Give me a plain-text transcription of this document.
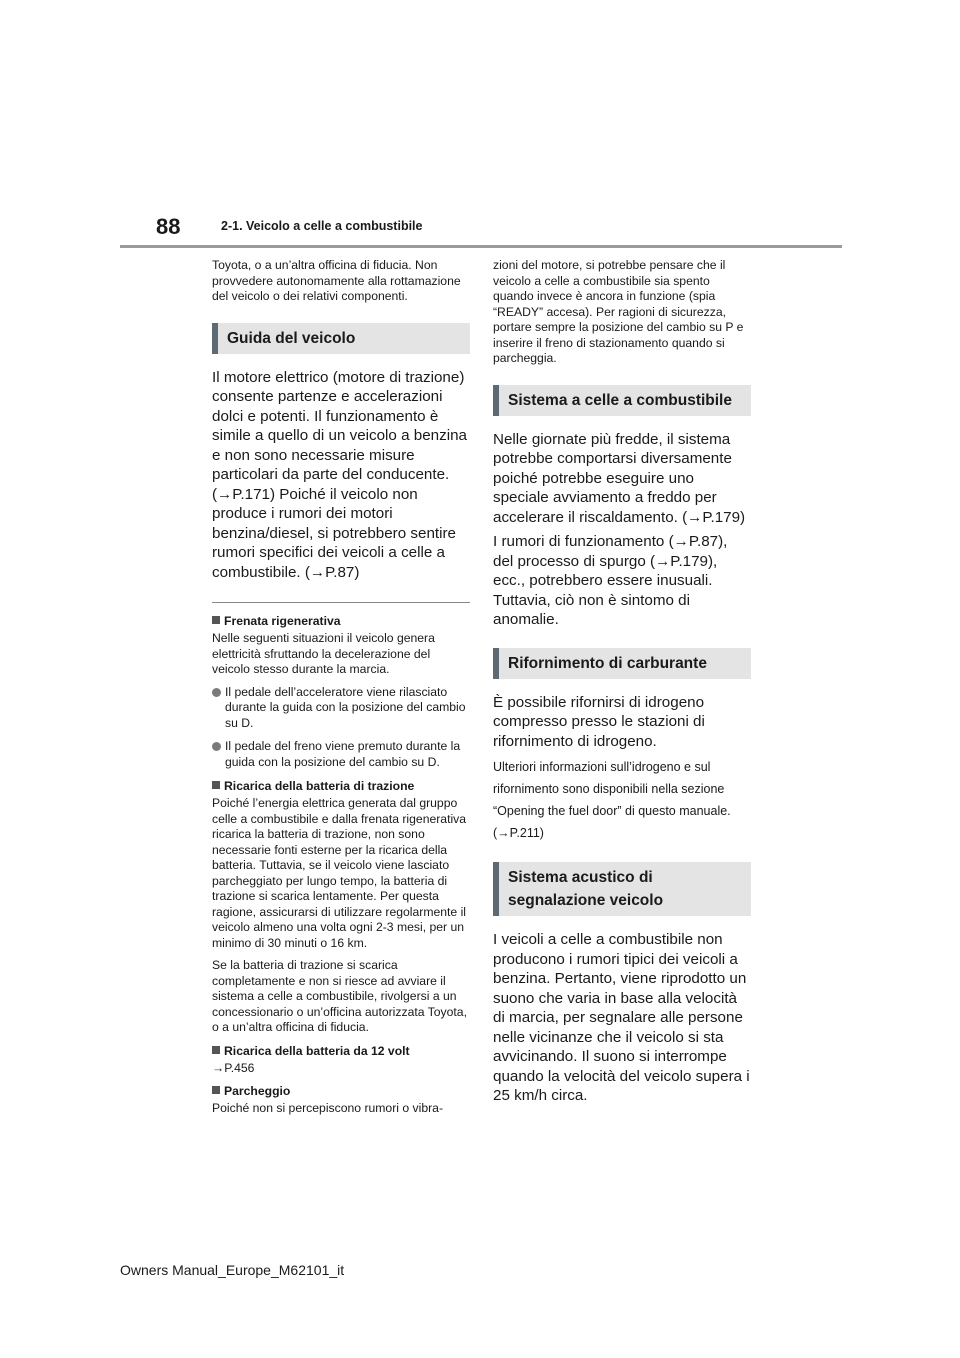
88	2-1. Veicolo a celle a combustibile

Toyota, o a un’altra officina di fiducia. Non provvedere autonomamente alla rottamazione del veicolo o dei relativi componenti.

Guida del veicolo

Il motore elettrico (motore di trazione) consente partenze e accelerazioni dolci e potenti. Il funzionamento è simile a quello di un veicolo a benzina e non sono necessarie misure particolari da parte del conducente. (→P.171) Poiché il veicolo non produce i rumori dei motori benzina/diesel, si potrebbero sentire rumori specifici dei veicoli a celle a combustibile. (→P.87)

Frenata rigenerativa

Nelle seguenti situazioni il veicolo genera elettricità sfruttando la decelerazione del veicolo stesso durante la marcia.

Il pedale dell’acceleratore viene rilasciato durante la guida con la posizione del cambio su D.
Il pedale del freno viene premuto durante la guida con la posizione del cambio su D.
Ricarica della batteria di trazione

Poiché l’energia elettrica generata dal gruppo celle a combustibile e dalla frenata rigenerativa ricarica la batteria di trazione, non sono necessarie fonti esterne per la ricarica della batteria. Tuttavia, se il veicolo viene lasciato parcheggiato per lungo tempo, la batteria di trazione si scarica lentamente. Per questa ragione, assicurarsi di utilizzare regolarmente il veicolo almeno una volta ogni 2-3 mesi, per un minimo di 30 minuti o 16 km.

Se la batteria di trazione si scarica completamente e non si riesce ad avviare il sistema a celle a combustibile, rivolgersi a un concessionario o un’officina autorizzata Toyota, o a un’altra officina di fiducia.

Ricarica della batteria da 12 volt

→P.456

Parcheggio

Poiché non si percepiscono rumori o vibra-

zioni del motore, si potrebbe pensare che il veicolo a celle a combustibile sia spento quando invece è ancora in funzione (spia “READY” accesa). Per ragioni di sicurezza, portare sempre la posizione del cambio su P e inserire il freno di stazionamento quando si parcheggia.

Sistema a celle a combustibile

Nelle giornate più fredde, il sistema potrebbe comportarsi diversamente poiché potrebbe eseguire uno speciale avviamento a freddo per accelerare il riscaldamento. (→P.179)

I rumori di funzionamento (→P.87), del processo di spurgo (→P.179), ecc., potrebbero essere inusuali. Tuttavia, ciò non è sintomo di anomalie.

Rifornimento di carburante

È possibile rifornirsi di idrogeno compresso presso le stazioni di rifornimento di idrogeno.

Ulteriori informazioni sull’idrogeno e sul rifornimento sono disponibili nella sezione “Opening the fuel door” di questo manuale. (→P.211)

Sistema acustico di segnalazione veicolo

I veicoli a celle a combustibile non producono i rumori tipici dei veicoli a benzina. Pertanto, viene riprodotto un suono che varia in base alla velocità di marcia, per segnalare alle persone nelle vicinanze che il veicolo si sta avvicinando. Il suono si interrompe quando la velocità del veicolo supera i 25 km/h circa.

Owners Manual_Europe_M62101_it
